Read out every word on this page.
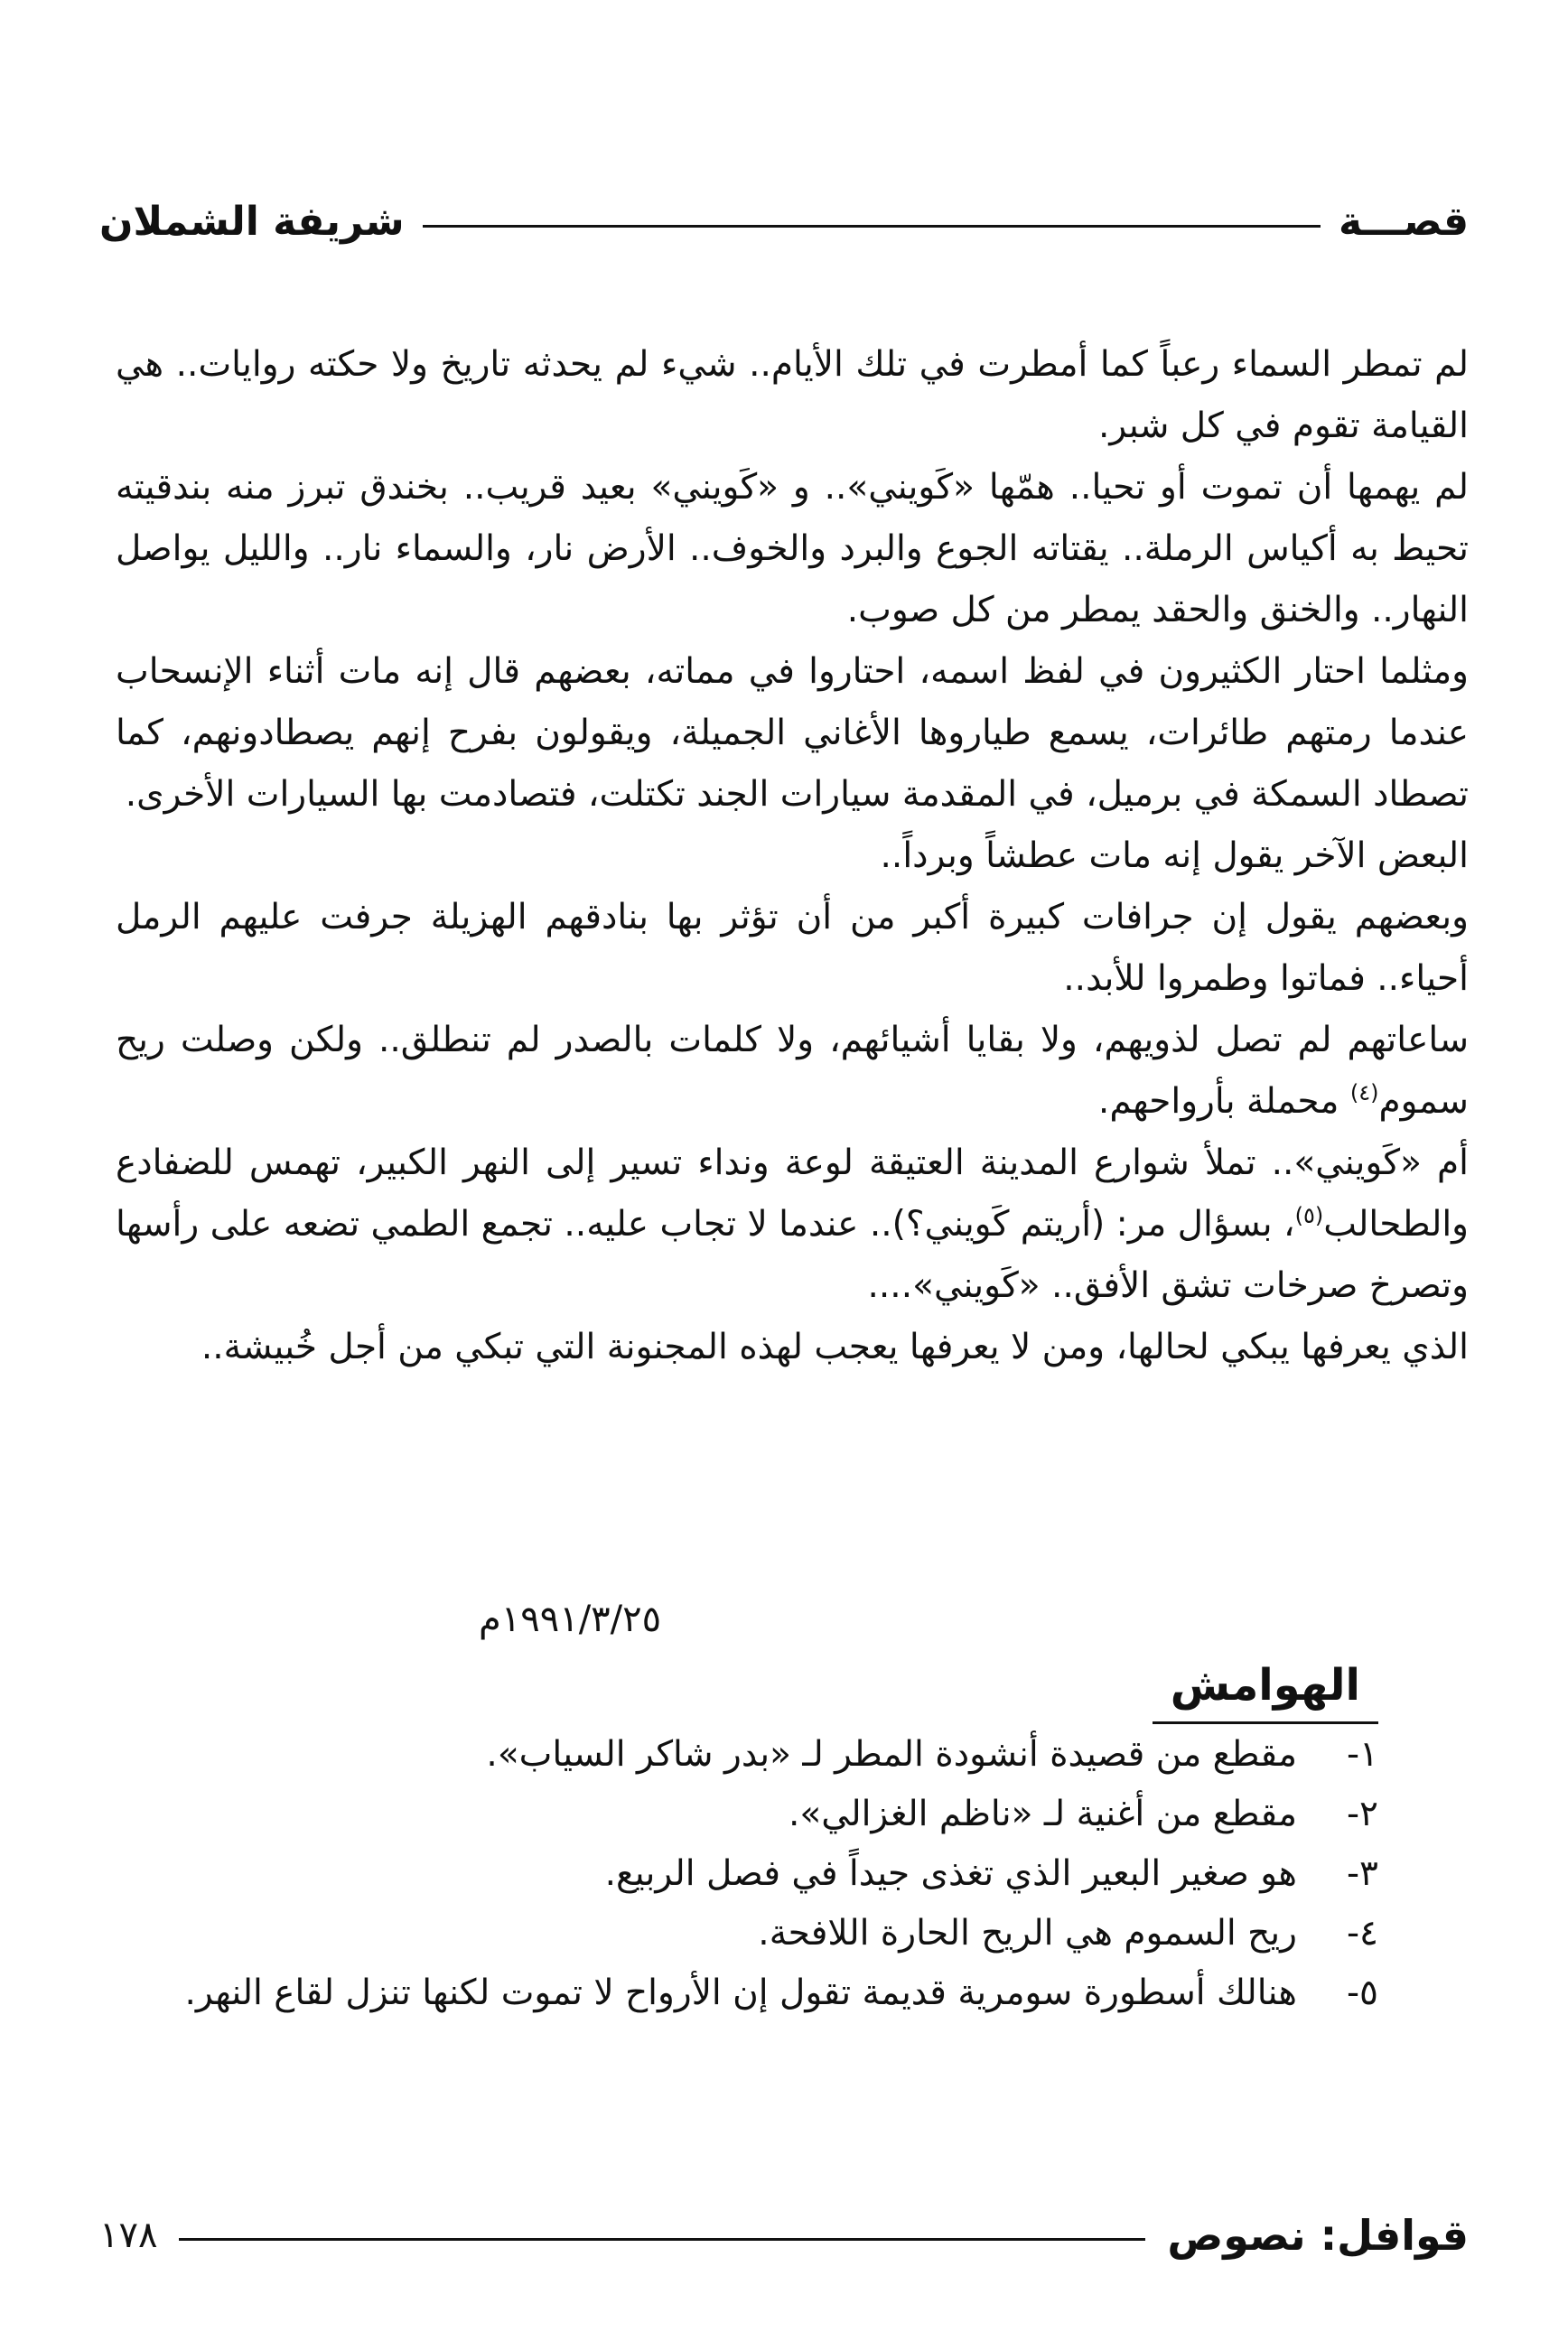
قصـــة
شريفة الشملان

لم تمطر السماء رعباً كما أمطرت في تلك الأيام.. شيء لم يحدثه تاريخ ولا حكته روايات.. هي القيامة تقوم في كل شبر.

لم يهمها أن تموت أو تحيا.. همّها «كَويني».. و «كَويني» بعيد قريب.. بخندق تبرز منه بندقيته تحيط به أكياس الرملة.. يقتاته الجوع والبرد والخوف.. الأرض نار، والسماء نار.. والليل يواصل النهار.. والخنق والحقد يمطر من كل صوب.

ومثلما احتار الكثيرون في لفظ اسمه، احتاروا في مماته، بعضهم قال إنه مات أثناء الإنسحاب عندما رمتهم طائرات، يسمع طياروها الأغاني الجميلة، ويقولون بفرح إنهم يصطادونهم، كما تصطاد السمكة في برميل، في المقدمة سيارات الجند تكتلت، فتصادمت بها السيارات الأخرى.

البعض الآخر يقول إنه مات عطشاً وبرداً..

وبعضهم يقول إن جرافات كبيرة أكبر من أن تؤثر بها بنادقهم الهزيلة جرفت عليهم الرمل أحياء.. فماتوا وطمروا للأبد..

ساعاتهم لم تصل لذويهم، ولا بقايا أشيائهم، ولا كلمات بالصدر لم تنطلق.. ولكن وصلت ريح سموم$^{(٤)}$ محملة بأرواحهم.

أم «كَويني».. تملأ شوارع المدينة العتيقة لوعة ونداء تسير إلى النهر الكبير، تهمس للضفادع والطحالب$^{(٥)}$، بسؤال مر: (أريتم كَويني؟).. عندما لا تجاب عليه.. تجمع الطمي تضعه على رأسها وتصرخ صرخات تشق الأفق.. «كَويني»....

الذي يعرفها يبكي لحالها، ومن لا يعرفها يعجب لهذه المجنونة التي تبكي من أجل خُبيشة..

١٩٩١/٣/٢٥م
الهوامش
١-
مقطع من قصيدة أنشودة المطر لـ «بدر شاكر السياب».
٢-
مقطع من أغنية لـ «ناظم الغزالي».
٣-
هو صغير البعير الذي تغذى جيداً في فصل الربيع.
٤-
ريح السموم هي الريح الحارة اللافحة.
٥-
هنالك أسطورة سومرية قديمة تقول إن الأرواح لا تموت لكنها تنزل لقاع النهر.
قوافل: نصوص
١٧٨
